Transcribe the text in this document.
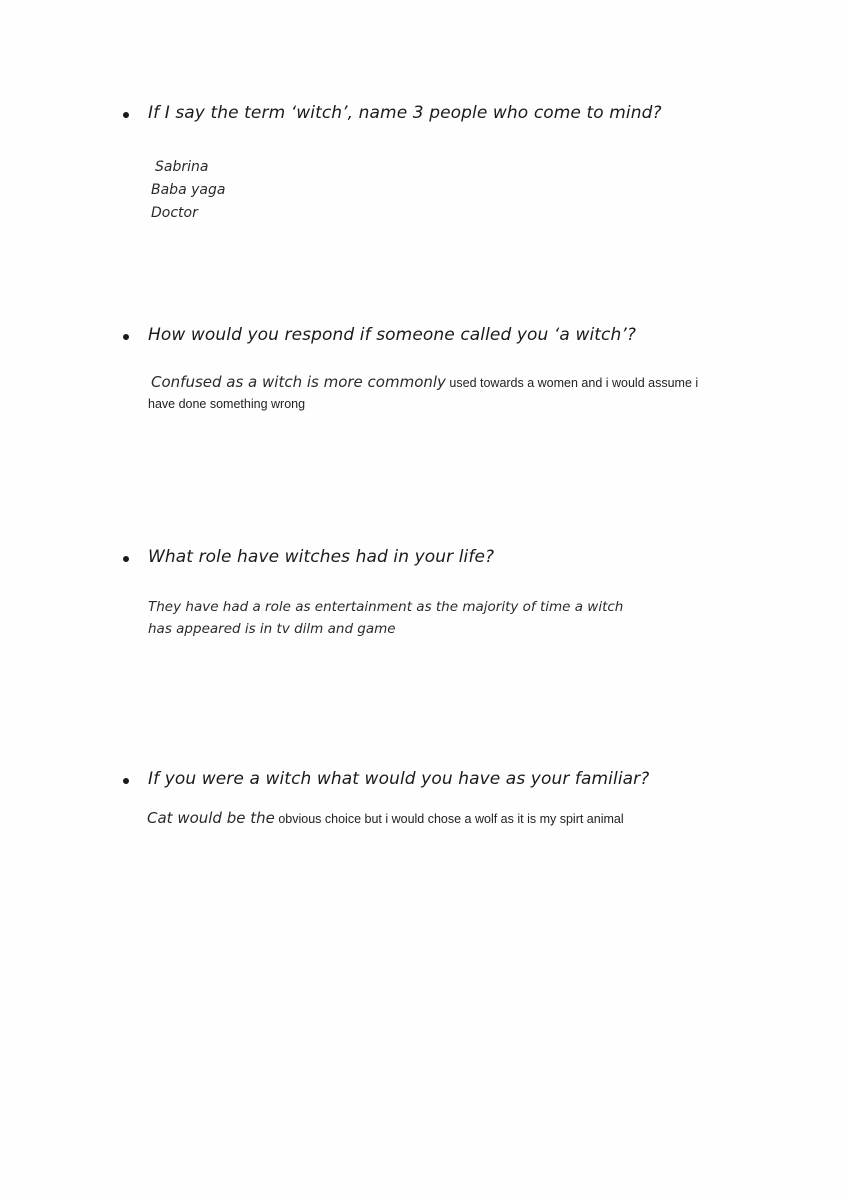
If I say the term ‘witch’, name 3 people who come to mind?
Sabrina
Baba yaga
Doctor
How would you respond if someone called you ‘a witch’?
Confused as a witch is more commonly used towards a women and i would assume i
have done something wrong
What role have witches had in your life?
They have had a role as entertainment as the majority of time a witch
has appeared is in tv dilm and game
If you were a witch what would you have as your familiar?
Cat would be the obvious choice but i would chose a wolf as it is my spirt animal
